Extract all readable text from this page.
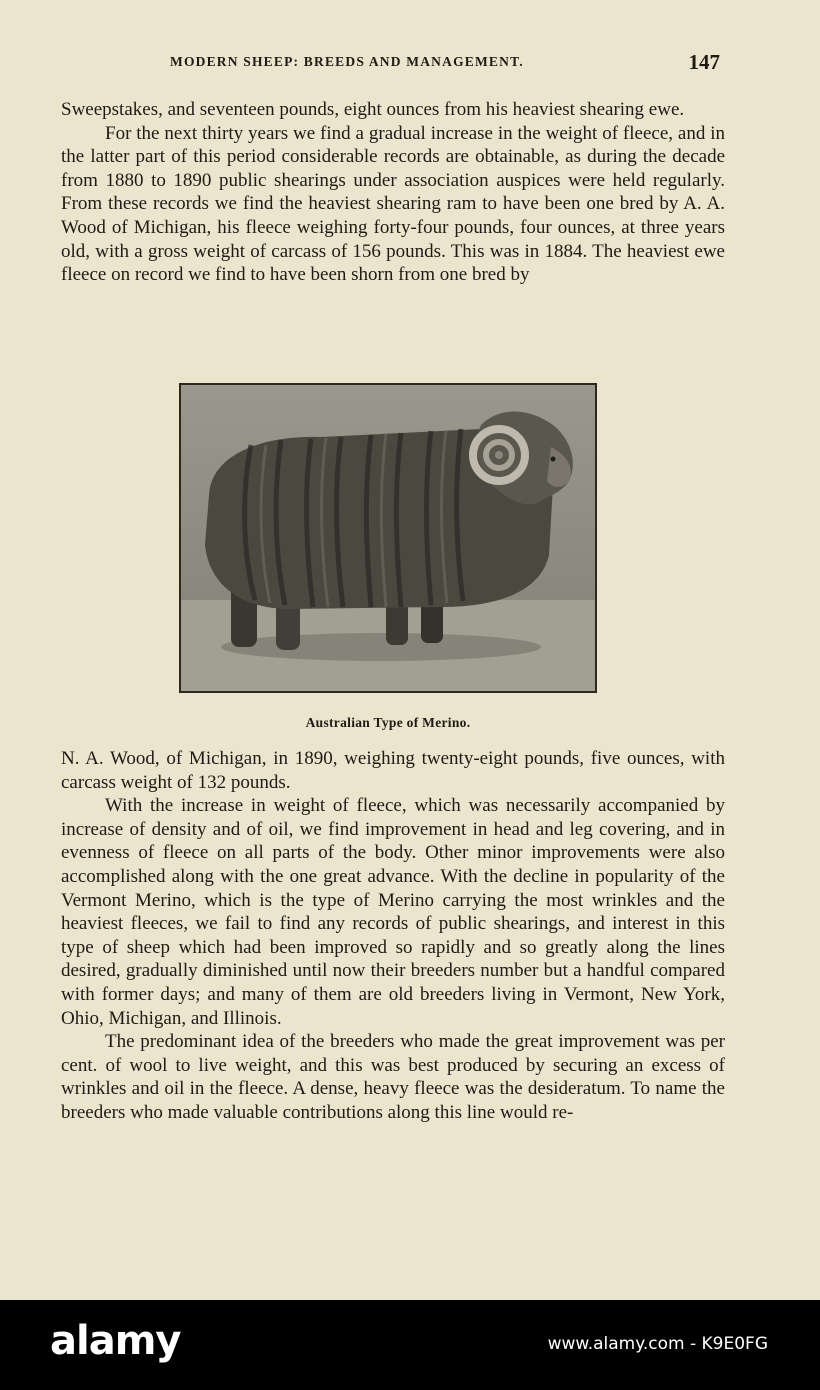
MODERN SHEEP: BREEDS AND MANAGEMENT.	147

Sweepstakes, and seventeen pounds, eight ounces from his heaviest shearing ewe.

For the next thirty years we find a gradual increase in the weight of fleece, and in the latter part of this period considerable records are obtainable, as during the decade from 1880 to 1890 public shearings under association auspices were held regularly. From these records we find the heaviest shearing ram to have been one bred by A. A. Wood of Michigan, his fleece weighing forty-four pounds, four ounces, at three years old, with a gross weight of carcass of 156 pounds. This was in 1884. The heaviest ewe fleece on record we find to have been shorn from one bred by

Australian Type of Merino.

N. A. Wood, of Michigan, in 1890, weighing twenty-eight pounds, five ounces, with carcass weight of 132 pounds.

With the increase in weight of fleece, which was necessarily accompanied by increase of density and of oil, we find improvement in head and leg covering, and in evenness of fleece on all parts of the body. Other minor improvements were also accomplished along with the one great advance. With the decline in popularity of the Vermont Merino, which is the type of Merino carrying the most wrinkles and the heaviest fleeces, we fail to find any records of public shearings, and interest in this type of sheep which had been improved so rapidly and so greatly along the lines desired, gradually diminished until now their breeders number but a handful compared with former days; and many of them are old breeders living in Vermont, New York, Ohio, Michigan, and Illinois.

The predominant idea of the breeders who made the great improvement was per cent. of wool to live weight, and this was best produced by securing an excess of wrinkles and oil in the fleece. A dense, heavy fleece was the desideratum. To name the breeders who made valuable contributions along this line would re-

alamy	www.alamy.com - K9E0FG
